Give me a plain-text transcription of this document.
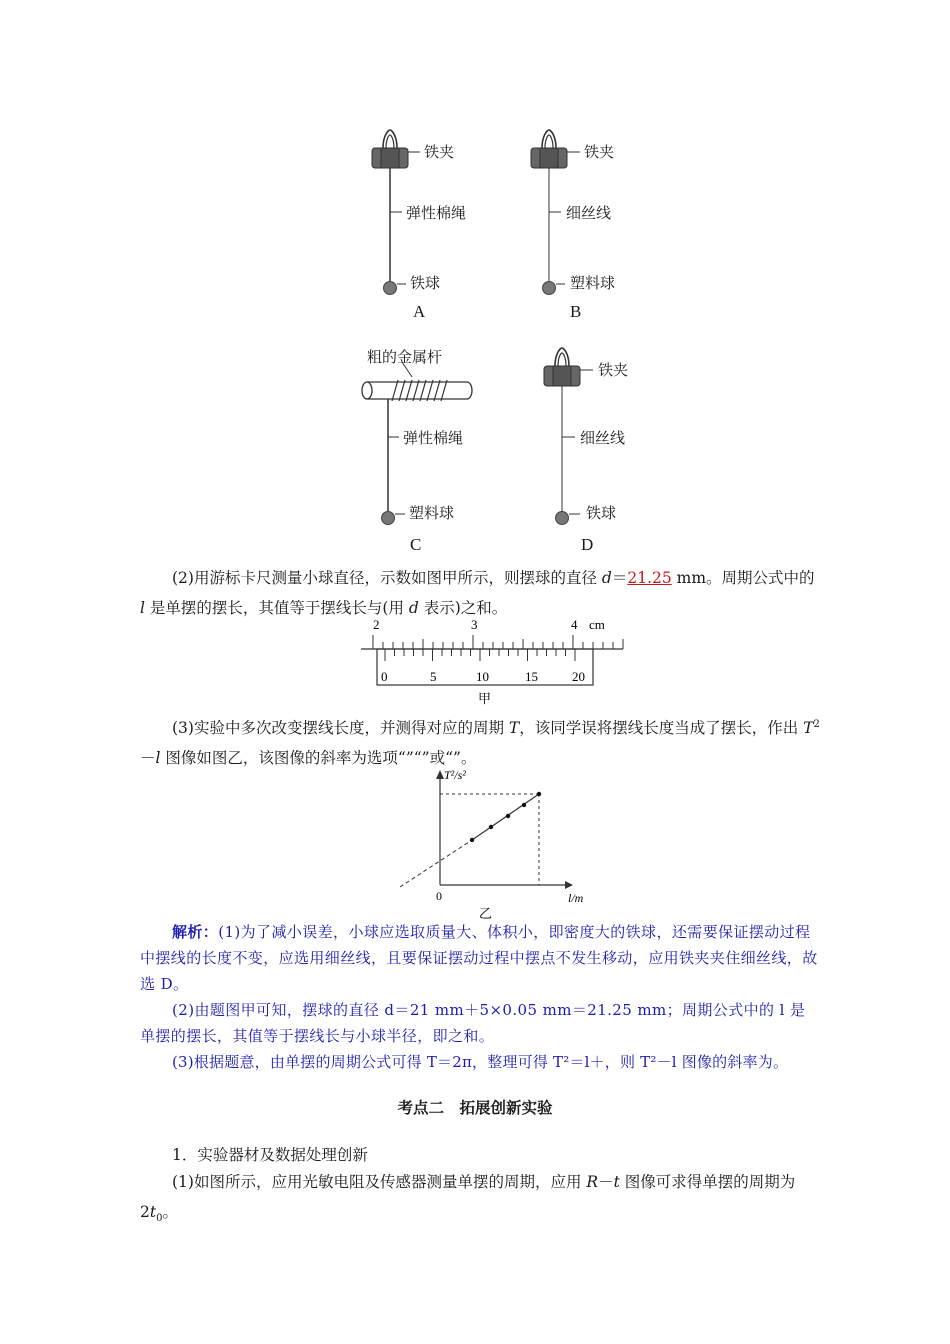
铁夹
弹性棉绳
铁球
A
铁夹
细丝线
塑料球
B
粗的金属杆
弹性棉绳
塑料球
C
铁夹
细丝线
铁球
D
(2)用游标卡尺测量小球直径，示数如图甲所示，则摆球的直径 d＝21.25 mm。周期公式中的 l 是单摆的摆长，其值等于摆线长与(用 d 表示)之和。
2	3	4 cm
0	5	10	15	20
甲
(3)实验中多次改变摆线长度，并测得对应的周期 T，该同学误将摆线长度当成了摆长，作出 $T^2-l$ 图像如图乙，该图像的斜率为选项“”“”或“”。
T²/s²
l/m
0
乙
解析：(1)为了减小误差，小球应选取质量大、体积小，即密度大的铁球，还需要保证摆动过程中摆线的长度不变，应选用细丝线，且要保证摆动过程中摆点不发生移动，应用铁夹夹住细丝线，故选 D。
(2)由题图甲可知，摆球的直径 d＝21 mm＋5×0.05 mm＝21.25 mm；周期公式中的 l 是单摆的摆长，其值等于摆线长与小球半径，即之和。
(3)根据题意，由单摆的周期公式可得 T＝2π，整理可得 T²＝l＋，则 T²－l 图像的斜率为。
考点二　拓展创新实验
1．实验器材及数据处理创新
(1)如图所示，应用光敏电阻及传感器测量单摆的周期，应用 R－t 图像可求得单摆的周期为 $2t_0$。
